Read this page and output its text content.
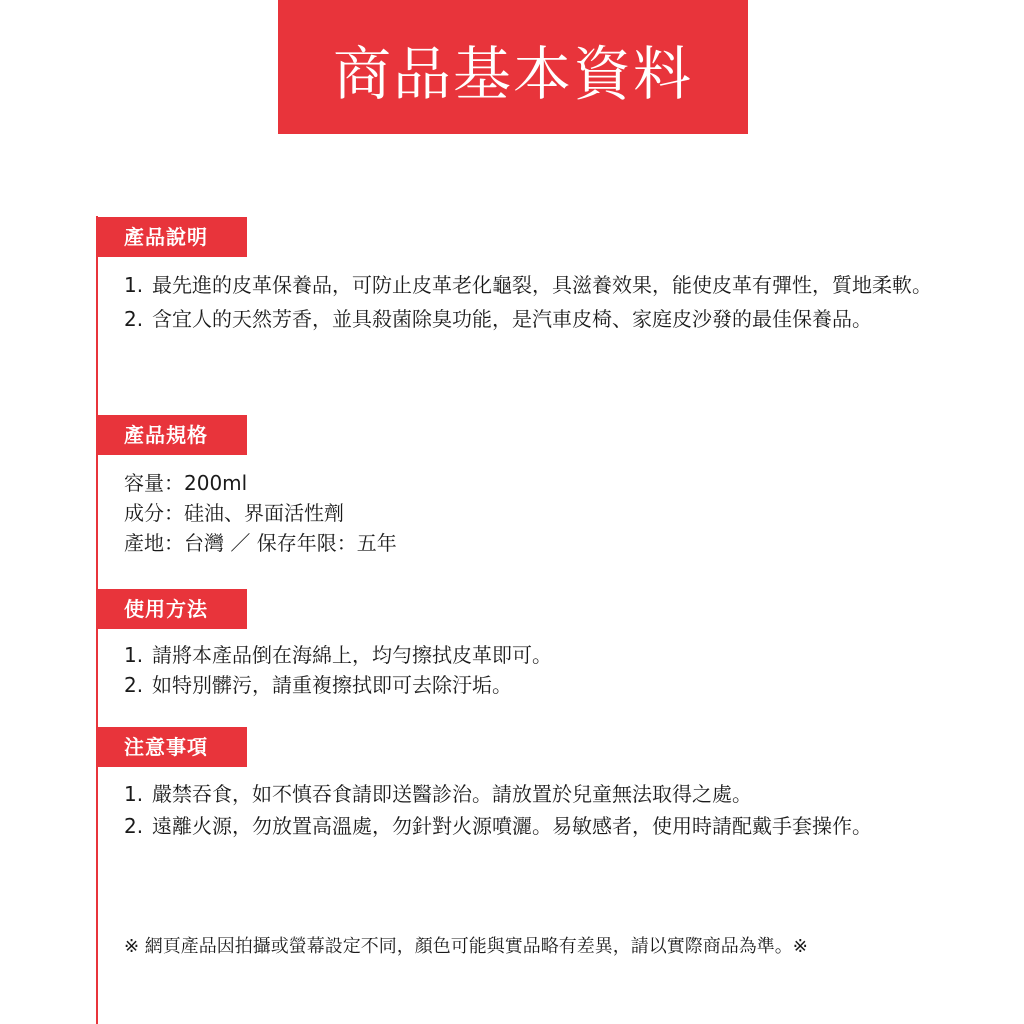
商品基本資料
產品說明
1. 最先進的皮革保養品，可防止皮革老化龜裂，具滋養效果，能使皮革有彈性，質地柔軟。
2. 含宜人的天然芳香，並具殺菌除臭功能，是汽車皮椅、家庭皮沙發的最佳保養品。
產品規格
容量：200ml
成分：硅油、界面活性劑
產地：台灣 ／ 保存年限：五年
使用方法
1. 請將本產品倒在海綿上，均勻擦拭皮革即可。
2. 如特別髒污，請重複擦拭即可去除汙垢。
注意事項
1. 嚴禁吞食，如不慎吞食請即送醫診治。請放置於兒童無法取得之處。
2. 遠離火源，勿放置高溫處，勿針對火源噴灑。易敏感者，使用時請配戴手套操作。
※ 網頁產品因拍攝或螢幕設定不同，顏色可能與實品略有差異，請以實際商品為準。※
